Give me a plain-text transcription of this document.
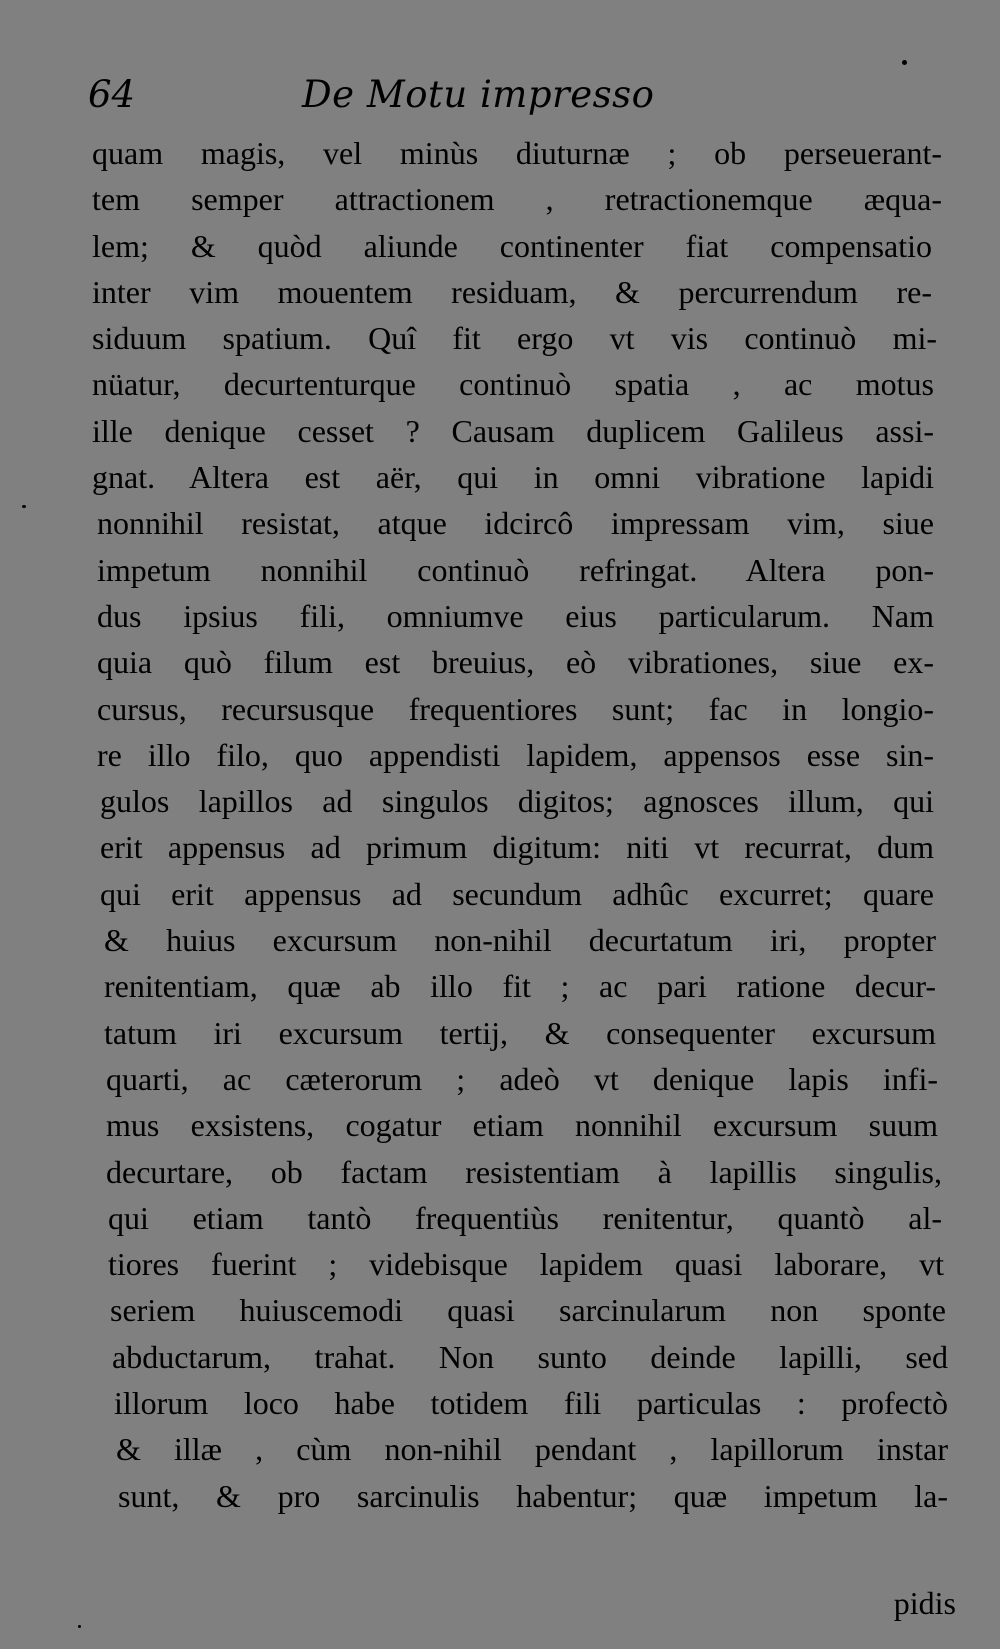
64	De Motu impresso
quam magis, vel minùs diuturnæ ; ob perseuerant-
tem semper attractionem , retractionemque æqua-
lem; & quòd aliunde continenter fiat compensatio
inter vim mouentem residuam, & percurrendum re-
siduum spatium. Quî fit ergo vt vis continuò mi-
nüatur, decurtenturque continuò spatia , ac motus
ille denique cesset ? Causam duplicem Galileus assi-
gnat. Altera est aër, qui in omni vibratione lapidi
nonnihil resistat, atque idcircô impressam vim, siue
impetum nonnihil continuò refringat. Altera pon-
dus ipsius fili, omniumve eius particularum. Nam
quia quò filum est breuius, eò vibrationes, siue ex-
cursus, recursusque frequentiores sunt; fac in longio-
re illo filo, quo appendisti lapidem, appensos esse sin-
gulos lapillos ad singulos digitos; agnosces illum, qui
erit appensus ad primum digitum: niti vt recurrat, dum
qui erit appensus ad secundum adhûc excurret; quare
& huius excursum non-nihil decurtatum iri, propter
renitentiam, quæ ab illo fit ; ac pari ratione decur-
tatum iri excursum tertij, & consequenter excursum
quarti, ac cæterorum ; adeò vt denique lapis infi-
mus exsistens, cogatur etiam nonnihil excursum suum
decurtare, ob factam resistentiam à lapillis singulis,
qui etiam tantò frequentiùs renitentur, quantò al-
tiores fuerint ; videbisque lapidem quasi laborare, vt
seriem huiuscemodi quasi sarcinularum non sponte
abductarum, trahat. Non sunto deinde lapilli, sed
illorum loco habe totidem fili particulas : profectò
& illæ , cùm non-nihil pendant , lapillorum instar
sunt, & pro sarcinulis habentur; quæ impetum la-
pidis
